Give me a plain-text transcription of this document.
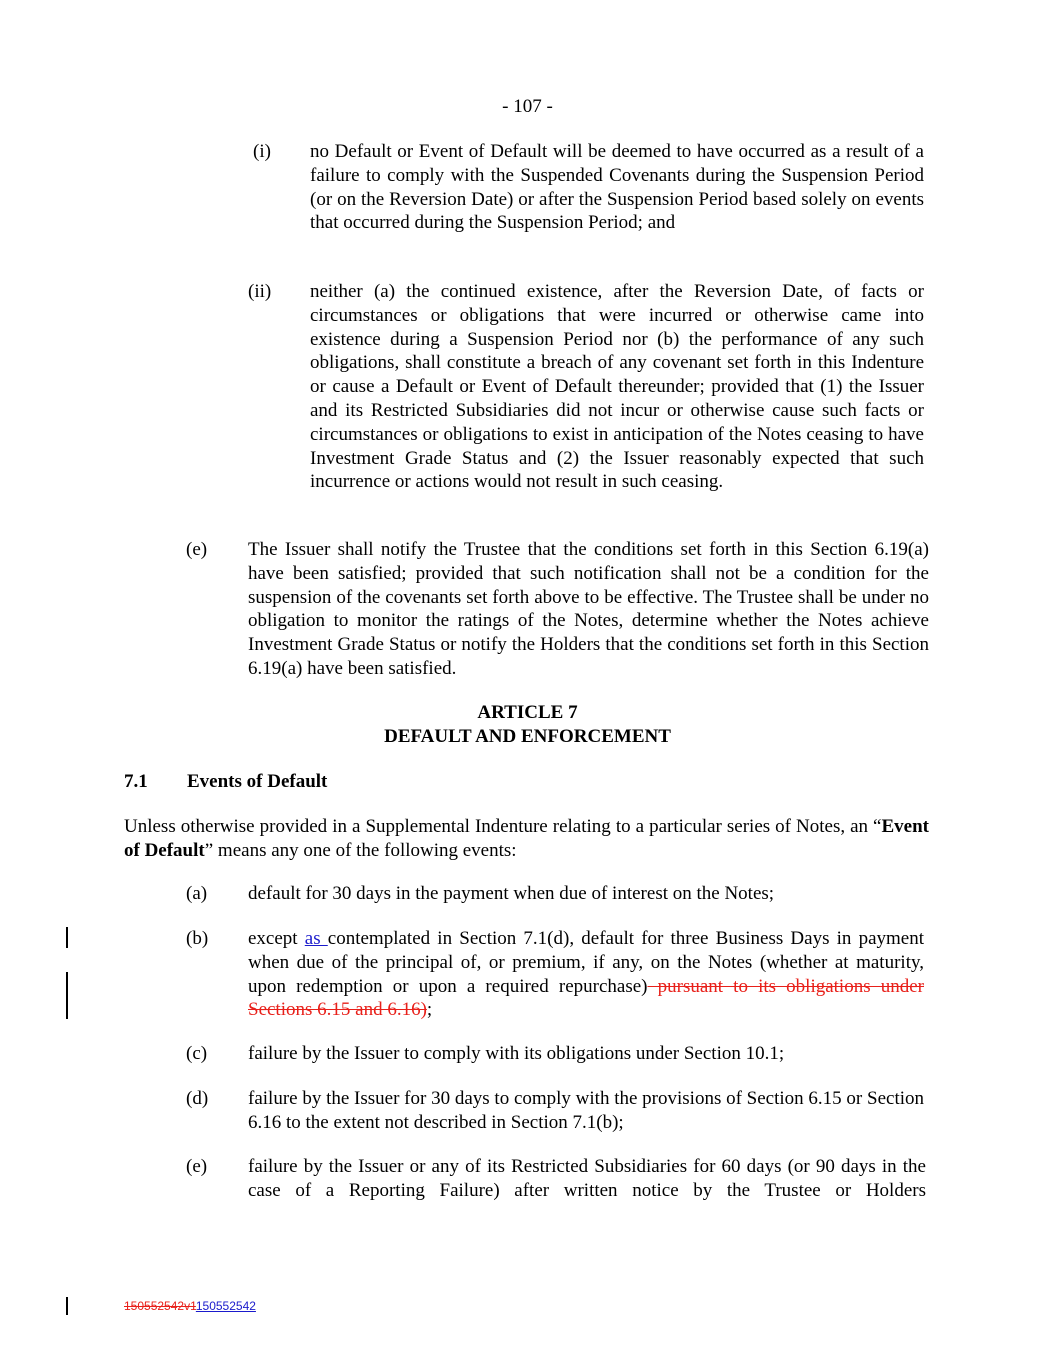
- 107 -
(i) no Default or Event of Default will be deemed to have occurred as a result of a failure to comply with the Suspended Covenants during the Suspension Period (or on the Reversion Date) or after the Suspension Period based solely on events that occurred during the Suspension Period; and
(ii) neither (a) the continued existence, after the Reversion Date, of facts or circumstances or obligations that were incurred or otherwise came into existence during a Suspension Period nor (b) the performance of any such obligations, shall constitute a breach of any covenant set forth in this Indenture or cause a Default or Event of Default thereunder; provided that (1) the Issuer and its Restricted Subsidiaries did not incur or otherwise cause such facts or circumstances or obligations to exist in anticipation of the Notes ceasing to have Investment Grade Status and (2) the Issuer reasonably expected that such incurrence or actions would not result in such ceasing.
(e) The Issuer shall notify the Trustee that the conditions set forth in this Section 6.19(a) have been satisfied; provided that such notification shall not be a condition for the suspension of the covenants set forth above to be effective. The Trustee shall be under no obligation to monitor the ratings of the Notes, determine whether the Notes achieve Investment Grade Status or notify the Holders that the conditions set forth in this Section 6.19(a) have been satisfied.
ARTICLE 7
DEFAULT AND ENFORCEMENT
7.1 Events of Default
Unless otherwise provided in a Supplemental Indenture relating to a particular series of Notes, an “Event of Default” means any one of the following events:
(a) default for 30 days in the payment when due of interest on the Notes;
(b) except as contemplated in Section 7.1(d), default for three Business Days in payment when due of the principal of, or premium, if any, on the Notes (whether at maturity, upon redemption or upon a required repurchase) pursuant to its obligations under Sections 6.15 and 6.16);
(c) failure by the Issuer to comply with its obligations under Section 10.1;
(d) failure by the Issuer for 30 days to comply with the provisions of Section 6.15 or Section 6.16 to the extent not described in Section 7.1(b);
(e) failure by the Issuer or any of its Restricted Subsidiaries for 60 days (or 90 days in the case of a Reporting Failure) after written notice by the Trustee or Holders
150552542v1150552542
